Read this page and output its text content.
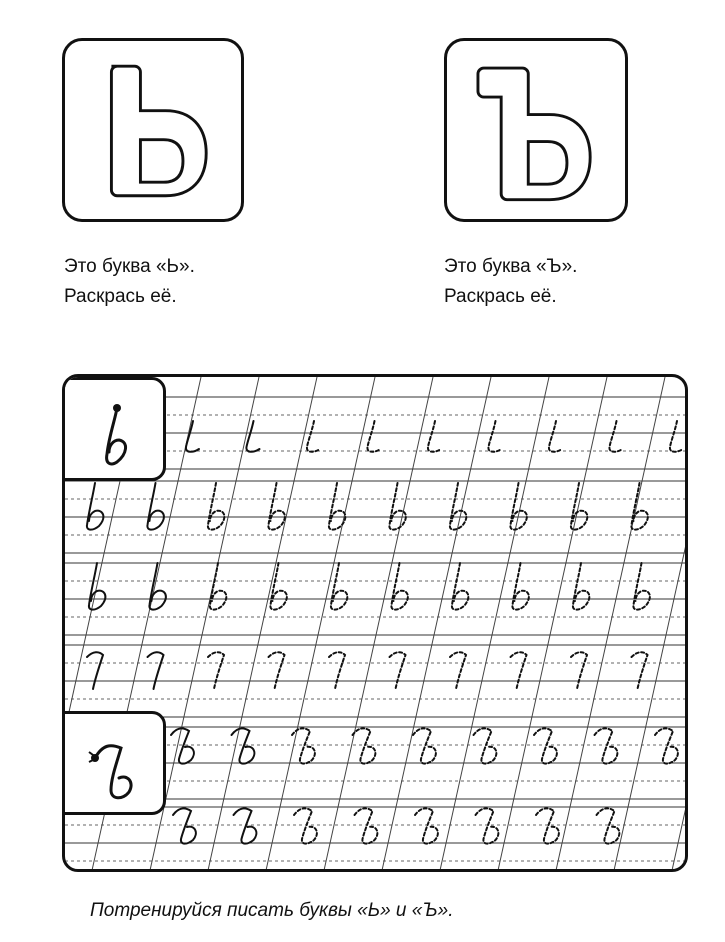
Это буква «Ь».
Раскрась её.
Это буква «Ъ».
Раскрась её.
Потренируйся писать буквы «Ь» и «Ъ».
